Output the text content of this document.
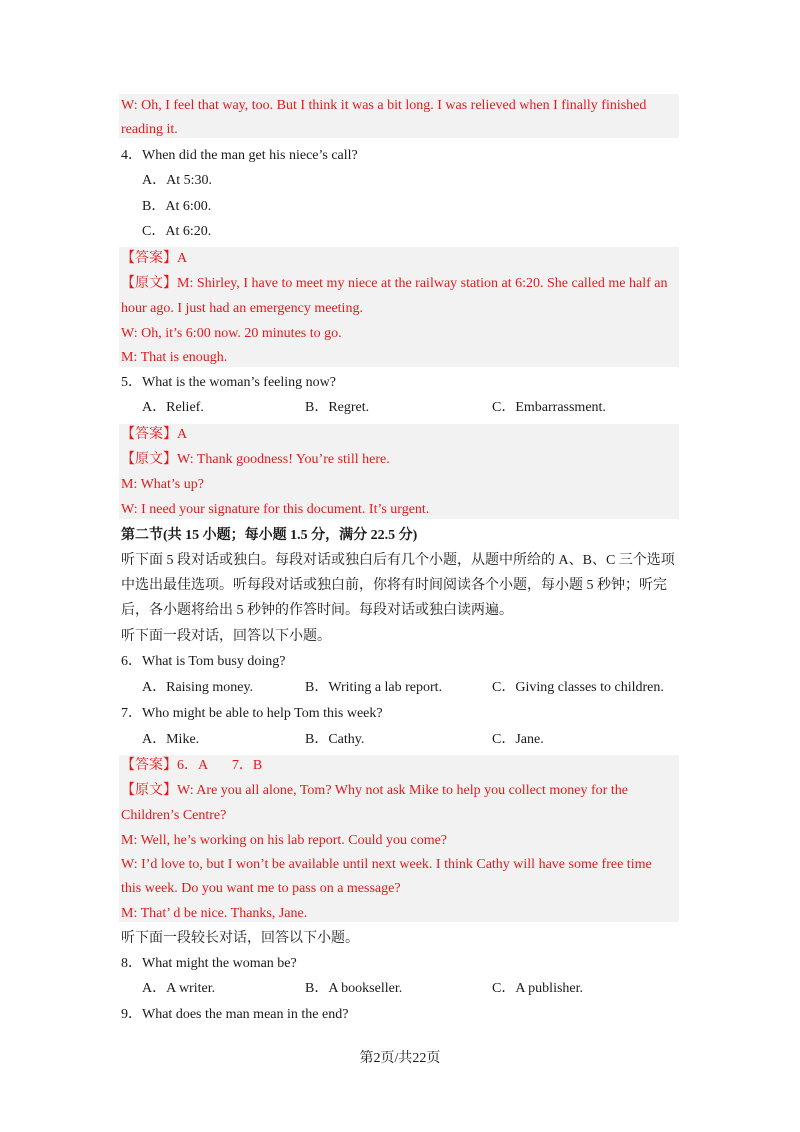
W: Oh, I feel that way, too. But I think it was a bit long. I was relieved when I finally finished
reading it.
4．When did the man get his niece’s call?
A．At 5:30.
B．At 6:00.
C．At 6:20.
【答案】A
【原文】M: Shirley, I have to meet my niece at the railway station at 6:20. She called me half an
hour ago. I just had an emergency meeting.
W: Oh, it’s 6:00 now. 20 minutes to go.
M: That is enough.
5．What is the woman’s feeling now?
A．Relief.	B．Regret.	C．Embarrassment.
【答案】A
【原文】W: Thank goodness! You’re still here.
M: What’s up?
W: I need your signature for this document. It’s urgent.
第二节(共 15 小题；每小题 1.5 分，满分 22.5 分)
听下面 5 段对话或独白。每段对话或独白后有几个小题，从题中所给的 A、B、C 三个选项
中选出最佳选项。听每段对话或独白前，你将有时间阅读各个小题，每小题 5 秒钟；听完
后，各小题将给出 5 秒钟的作答时间。每段对话或独白读两遍。
听下面一段对话，回答以下小题。
6．What is Tom busy doing?
A．Raising money.	B．Writing a lab report.	C．Giving classes to children.
7．Who might be able to help Tom this week?
A．Mike.	B．Cathy.	C．Jane.
【答案】6．A       7．B
【原文】W: Are you all alone, Tom? Why not ask Mike to help you collect money for the
Children’s Centre?
M: Well, he’s working on his lab report. Could you come?
W: I’d love to, but I won’t be available until next week. I think Cathy will have some free time
this week. Do you want me to pass on a message?
M: That’ d be nice. Thanks, Jane.
听下面一段较长对话，回答以下小题。
8．What might the woman be?
A．A writer.	B．A bookseller.	C．A publisher.
9．What does the man mean in the end?
第2页/共22页
